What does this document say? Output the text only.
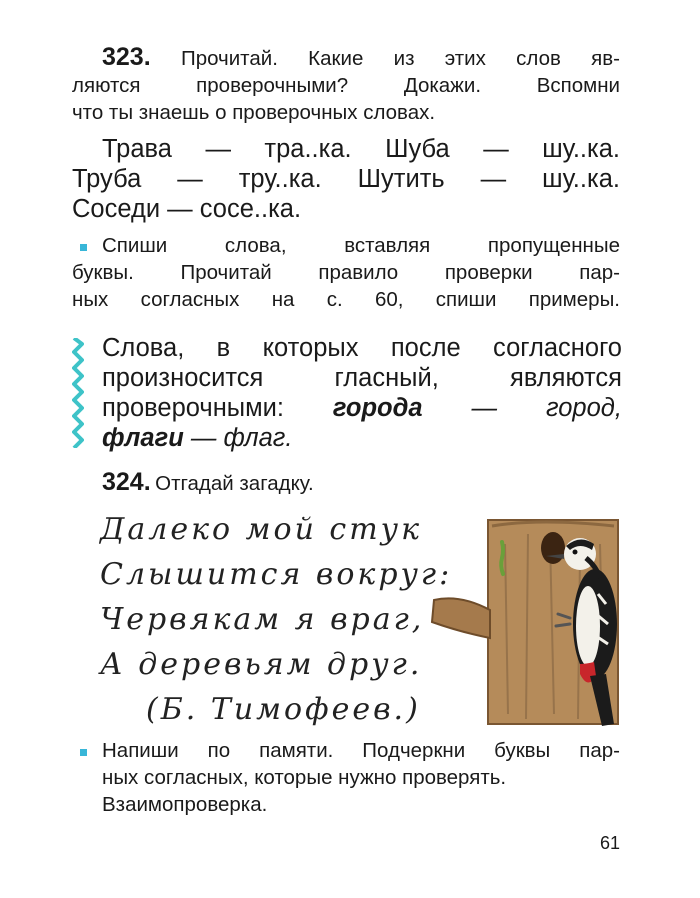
323. Прочитай. Какие из этих слов яв-
ляются проверочными? Докажи. Вспомни
что ты знаешь о проверочных словах.
Трава — тра..ка. Шуба — шу..ка.
Труба — тру..ка. Шутить — шу..ка.
Соседи — сосе..ка.
Спиши слова, вставляя пропущенные
буквы. Прочитай правило проверки пар-
ных согласных на с. 60, спиши примеры.
Слова, в которых после согласного
произносится гласный, являются
проверочными: города — город,
флаги — флаг.
324. Отгадай загадку.
Далеко мой стук
Слышится вокруг:
Червякам я враг,
А деревьям друг.
(Б. Тимофеев.)
Напиши по памяти. Подчеркни буквы пар-
ных согласных, которые нужно проверять.
Взаимопроверка.
61
